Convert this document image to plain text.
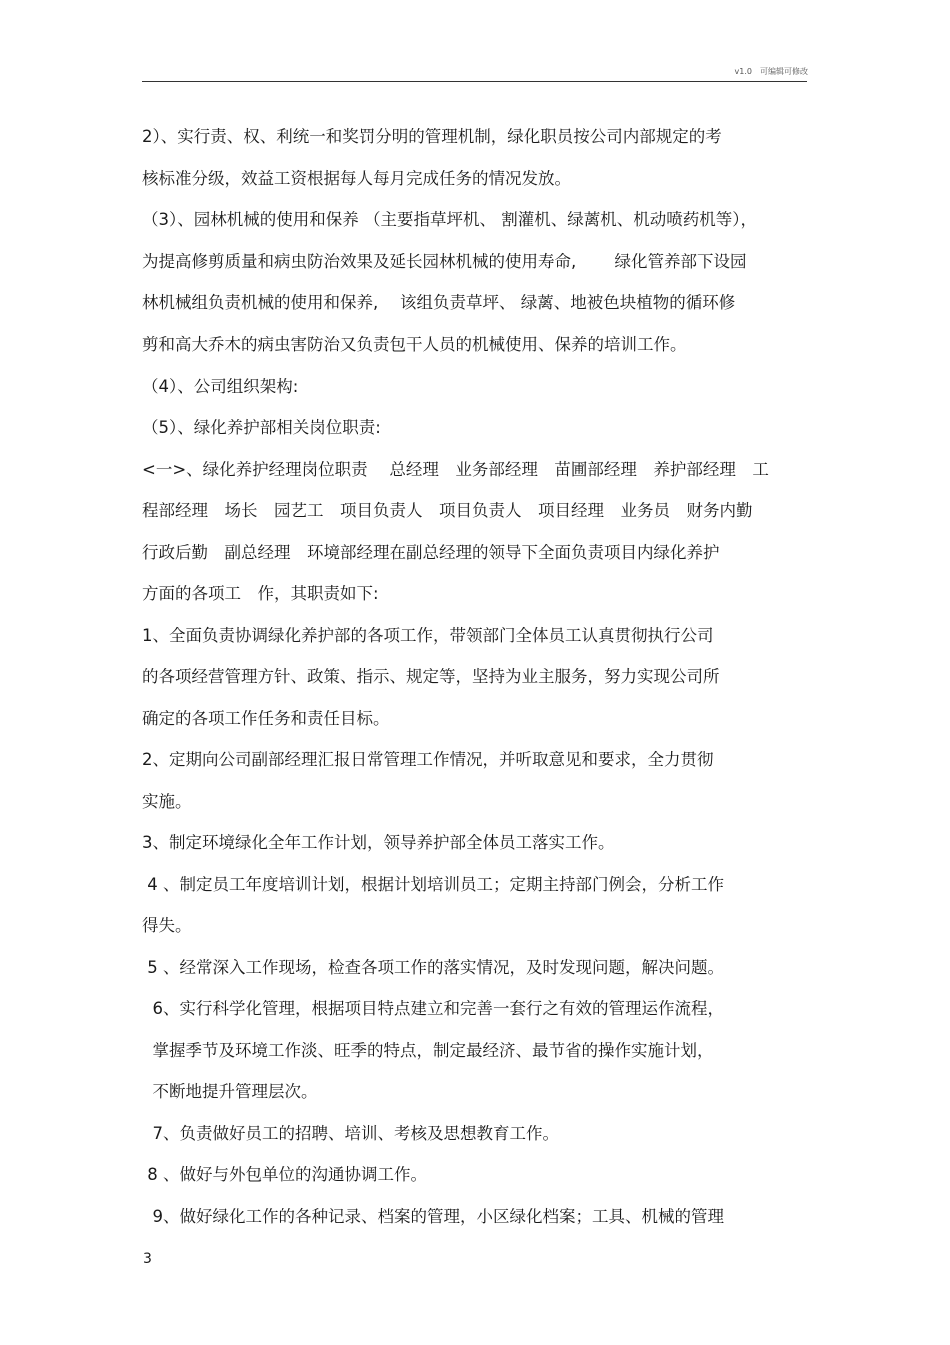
v1.0　可编辑可修改
2）、实行责、权、利统一和奖罚分明的管理机制，绿化职员按公司内部规定的考
核标准分级，效益工资根据每人每月完成任务的情况发放。
（3）、园林机械的使用和保养 （主要指草坪机、 割灌机、绿蓠机、机动喷药机等），
为提高修剪质量和病虫防治效果及延长园林机械的使用寿命,　　 绿化管养部下设园
林机械组负责机械的使用和保养,　 该组负责草坪、 绿蓠、地被色块植物的循环修
剪和高大乔木的病虫害防治又负责包干人员的机械使用、保养的培训工作。
（4）、公司组织架构:
（5）、绿化养护部相关岗位职责:
<一>、绿化养护经理岗位职责　 总经理　业务部经理　苗圃部经理　养护部经理　工
程部经理　场长　园艺工　项目负责人　项目负责人　项目经理　业务员　财务内勤
行政后勤　副总经理　环境部经理在副总经理的领导下全面负责项目内绿化养护
方面的各项工　作，其职责如下:
1、全面负责协调绿化养护部的各项工作，带领部门全体员工认真贯彻执行公司
的各项经营管理方针、政策、指示、规定等，坚持为业主服务，努力实现公司所
确定的各项工作任务和责任目标。
2、定期向公司副部经理汇报日常管理工作情况，并听取意见和要求，全力贯彻
实施。
3、制定环境绿化全年工作计划，领导养护部全体员工落实工作。
4 、制定员工年度培训计划，根据计划培训员工；定期主持部门例会，分析工作
得失。
5 、经常深入工作现场，检查各项工作的落实情况，及时发现问题，解决问题。
6、实行科学化管理，根据项目特点建立和完善一套行之有效的管理运作流程，
掌握季节及环境工作淡、旺季的特点，制定最经济、最节省的操作实施计划，
不断地提升管理层次。
7、负责做好员工的招聘、培训、考核及思想教育工作。
8 、做好与外包单位的沟通协调工作。
9、做好绿化工作的各种记录、档案的管理，小区绿化档案；工具、机械的管理
3
